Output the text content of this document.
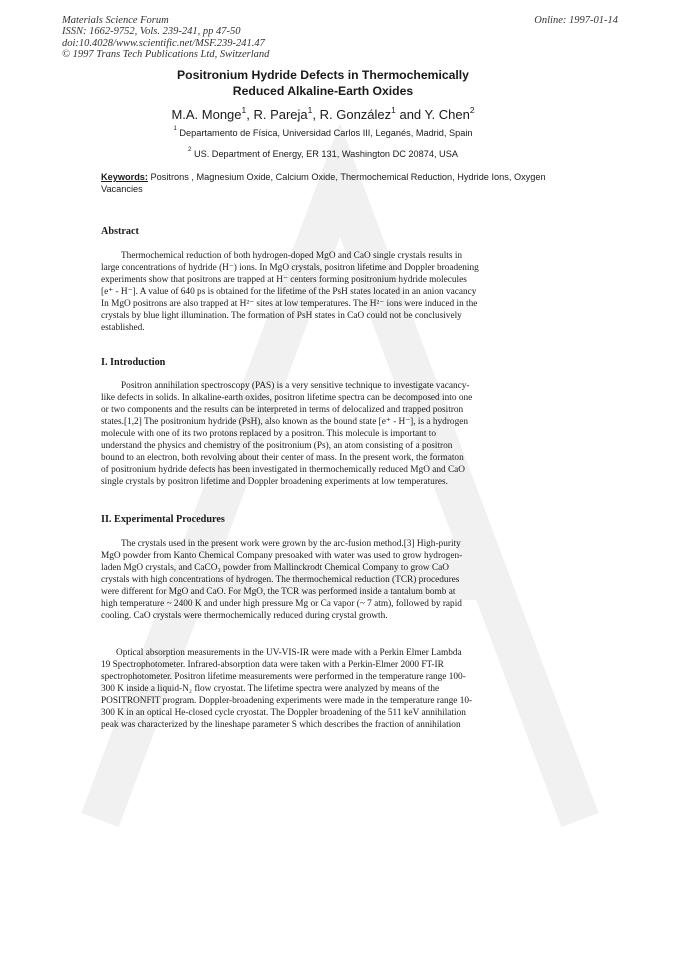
Materials Science Forum
ISSN: 1662-9752, Vols. 239-241, pp 47-50
doi:10.4028/www.scientific.net/MSF.239-241.47
© 1997 Trans Tech Publications Ltd, Switzerland
Online: 1997-01-14
Positronium Hydride Defects in Thermochemically
Reduced Alkaline-Earth Oxides
M.A. Monge$^1$, R. Pareja$^1$, R. González$^1$ and Y. Chen$^2$
$^1$ Departamento de Física, Universidad Carlos III, Leganés, Madrid, Spain
$^2$ US. Department of Energy, ER 131, Washington DC 20874, USA
Keywords: Positrons , Magnesium Oxide, Calcium Oxide, Thermochemical Reduction, Hydride Ions, Oxygen Vacancies
Abstract
Thermochemical reduction of both hydrogen-doped MgO and CaO single crystals results in
large concentrations of hydride (H⁻) ions. In MgO crystals, positron lifetime and Doppler broadening
experiments show that positrons are trapped at H⁻ centers forming positronium hydride molecules
[e⁺ - H⁻]. A value of 640 ps is obtained for the lifetime of the PsH states located in an anion vacancy
In MgO positrons are also trapped at H²⁻ sites at low temperatures. The H²⁻ ions were induced in the
crystals by blue light illumination. The formation of PsH states in CaO could not be conclusively
established.
I. Introduction
Positron annihilation spectroscopy (PAS) is a very sensitive technique to investigate vacancy-
like defects in solids. In alkaline-earth oxides, positron lifetime spectra can be decomposed into one
or two components and the results can be interpreted in terms of delocalized and trapped positron
states.[1,2] The positronium hydride (PsH), also known as the bound state [e⁺ - H⁻], is a hydrogen
molecule with one of its two protons replaced by a positron. This molecule is important to
understand the physics and chemistry of the positronium (Ps), an atom consisting of a positron
bound to an electron, both revolving about their center of mass. In the present work, the formaton
of positronium hydride defects has been investigated in thermochemically reduced MgO and CaO
single crystals by positron lifetime and Doppler broadening experiments at low temperatures.
II. Experimental Procedures
The crystals used in the present work were grown by the arc-fusion method.[3] High-purity
MgO powder from Kanto Chemical Company presoaked with water was used to grow hydrogen-
laden MgO crystals, and CaCO₃ powder from Mallinckrodt Chemical Company to grow CaO
crystals with high concentrations of hydrogen. The thermochemical reduction (TCR) procedures
were different for MgO and CaO. For MgO, the TCR was performed inside a tantalum bomb at
high temperature ~ 2400 K and under high pressure Mg or Ca vapor (~ 7 atm), followed by rapid
cooling. CaO crystals were thermochemically reduced during crystal growth.
Optical absorption measurements in the UV-VIS-IR were made with a Perkin Elmer Lambda
19 Spectrophotometer. Infrared-absorption data were taken with a Perkin-Elmer 2000 FT-IR
spectrophotometer. Positron lifetime measurements were performed in the temperature range 100-
300 K inside a liquid-N₂ flow cryostat. The lifetime spectra were analyzed by means of the
POSITRONFIT program. Doppler-broadening experiments were made in the temperature range 10-
300 K in an optical He-closed cycle cryostat. The Doppler broadening of the 511 keV annihilation
peak was characterized by the lineshape parameter S which describes the fraction of annihilation
